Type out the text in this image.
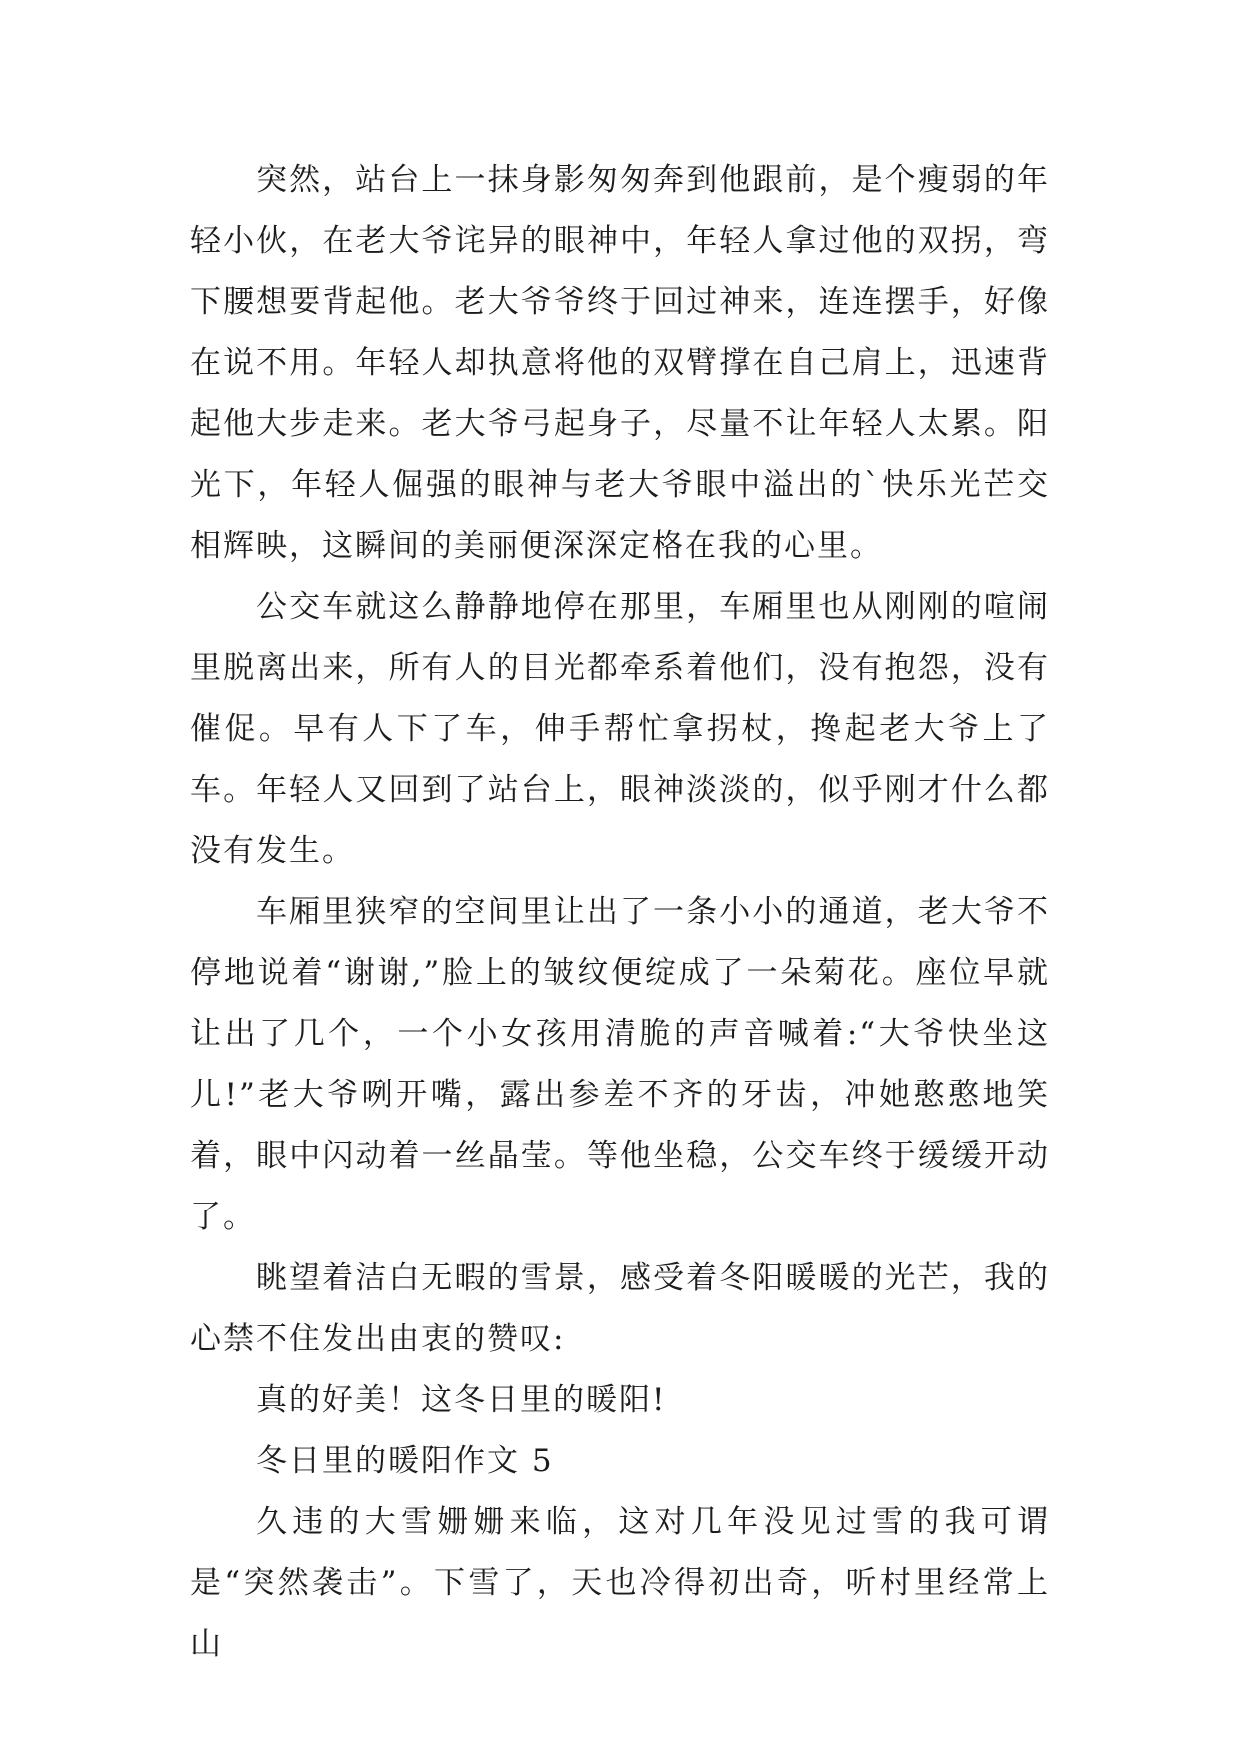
突然，站台上一抹身影匆匆奔到他跟前，是个瘦弱的年轻小伙，在老大爷诧异的眼神中，年轻人拿过他的双拐，弯下腰想要背起他。老大爷爷终于回过神来，连连摆手，好像在说不用。年轻人却执意将他的双臂撑在自己肩上，迅速背起他大步走来。老大爷弓起身子，尽量不让年轻人太累。阳光下，年轻人倔强的眼神与老大爷眼中溢出的`快乐光芒交相辉映，这瞬间的美丽便深深定格在我的心里。

公交车就这么静静地停在那里，车厢里也从刚刚的喧闹里脱离出来，所有人的目光都牵系着他们，没有抱怨，没有催促。早有人下了车，伸手帮忙拿拐杖，搀起老大爷上了车。年轻人又回到了站台上，眼神淡淡的，似乎刚才什么都没有发生。

车厢里狭窄的空间里让出了一条小小的通道，老大爷不停地说着“谢谢,”脸上的皱纹便绽成了一朵菊花。座位早就让出了几个，一个小女孩用清脆的声音喊着:“大爷快坐这儿!”老大爷咧开嘴，露出参差不齐的牙齿，冲她憨憨地笑着，眼中闪动着一丝晶莹。等他坐稳，公交车终于缓缓开动了。

眺望着洁白无暇的雪景，感受着冬阳暖暖的光芒，我的心禁不住发出由衷的赞叹:

真的好美！这冬日里的暖阳!

冬日里的暖阳作文 5

久违的大雪姗姗来临，这对几年没见过雪的我可谓是“突然袭击”。下雪了，天也冷得初出奇，听村里经常上山
